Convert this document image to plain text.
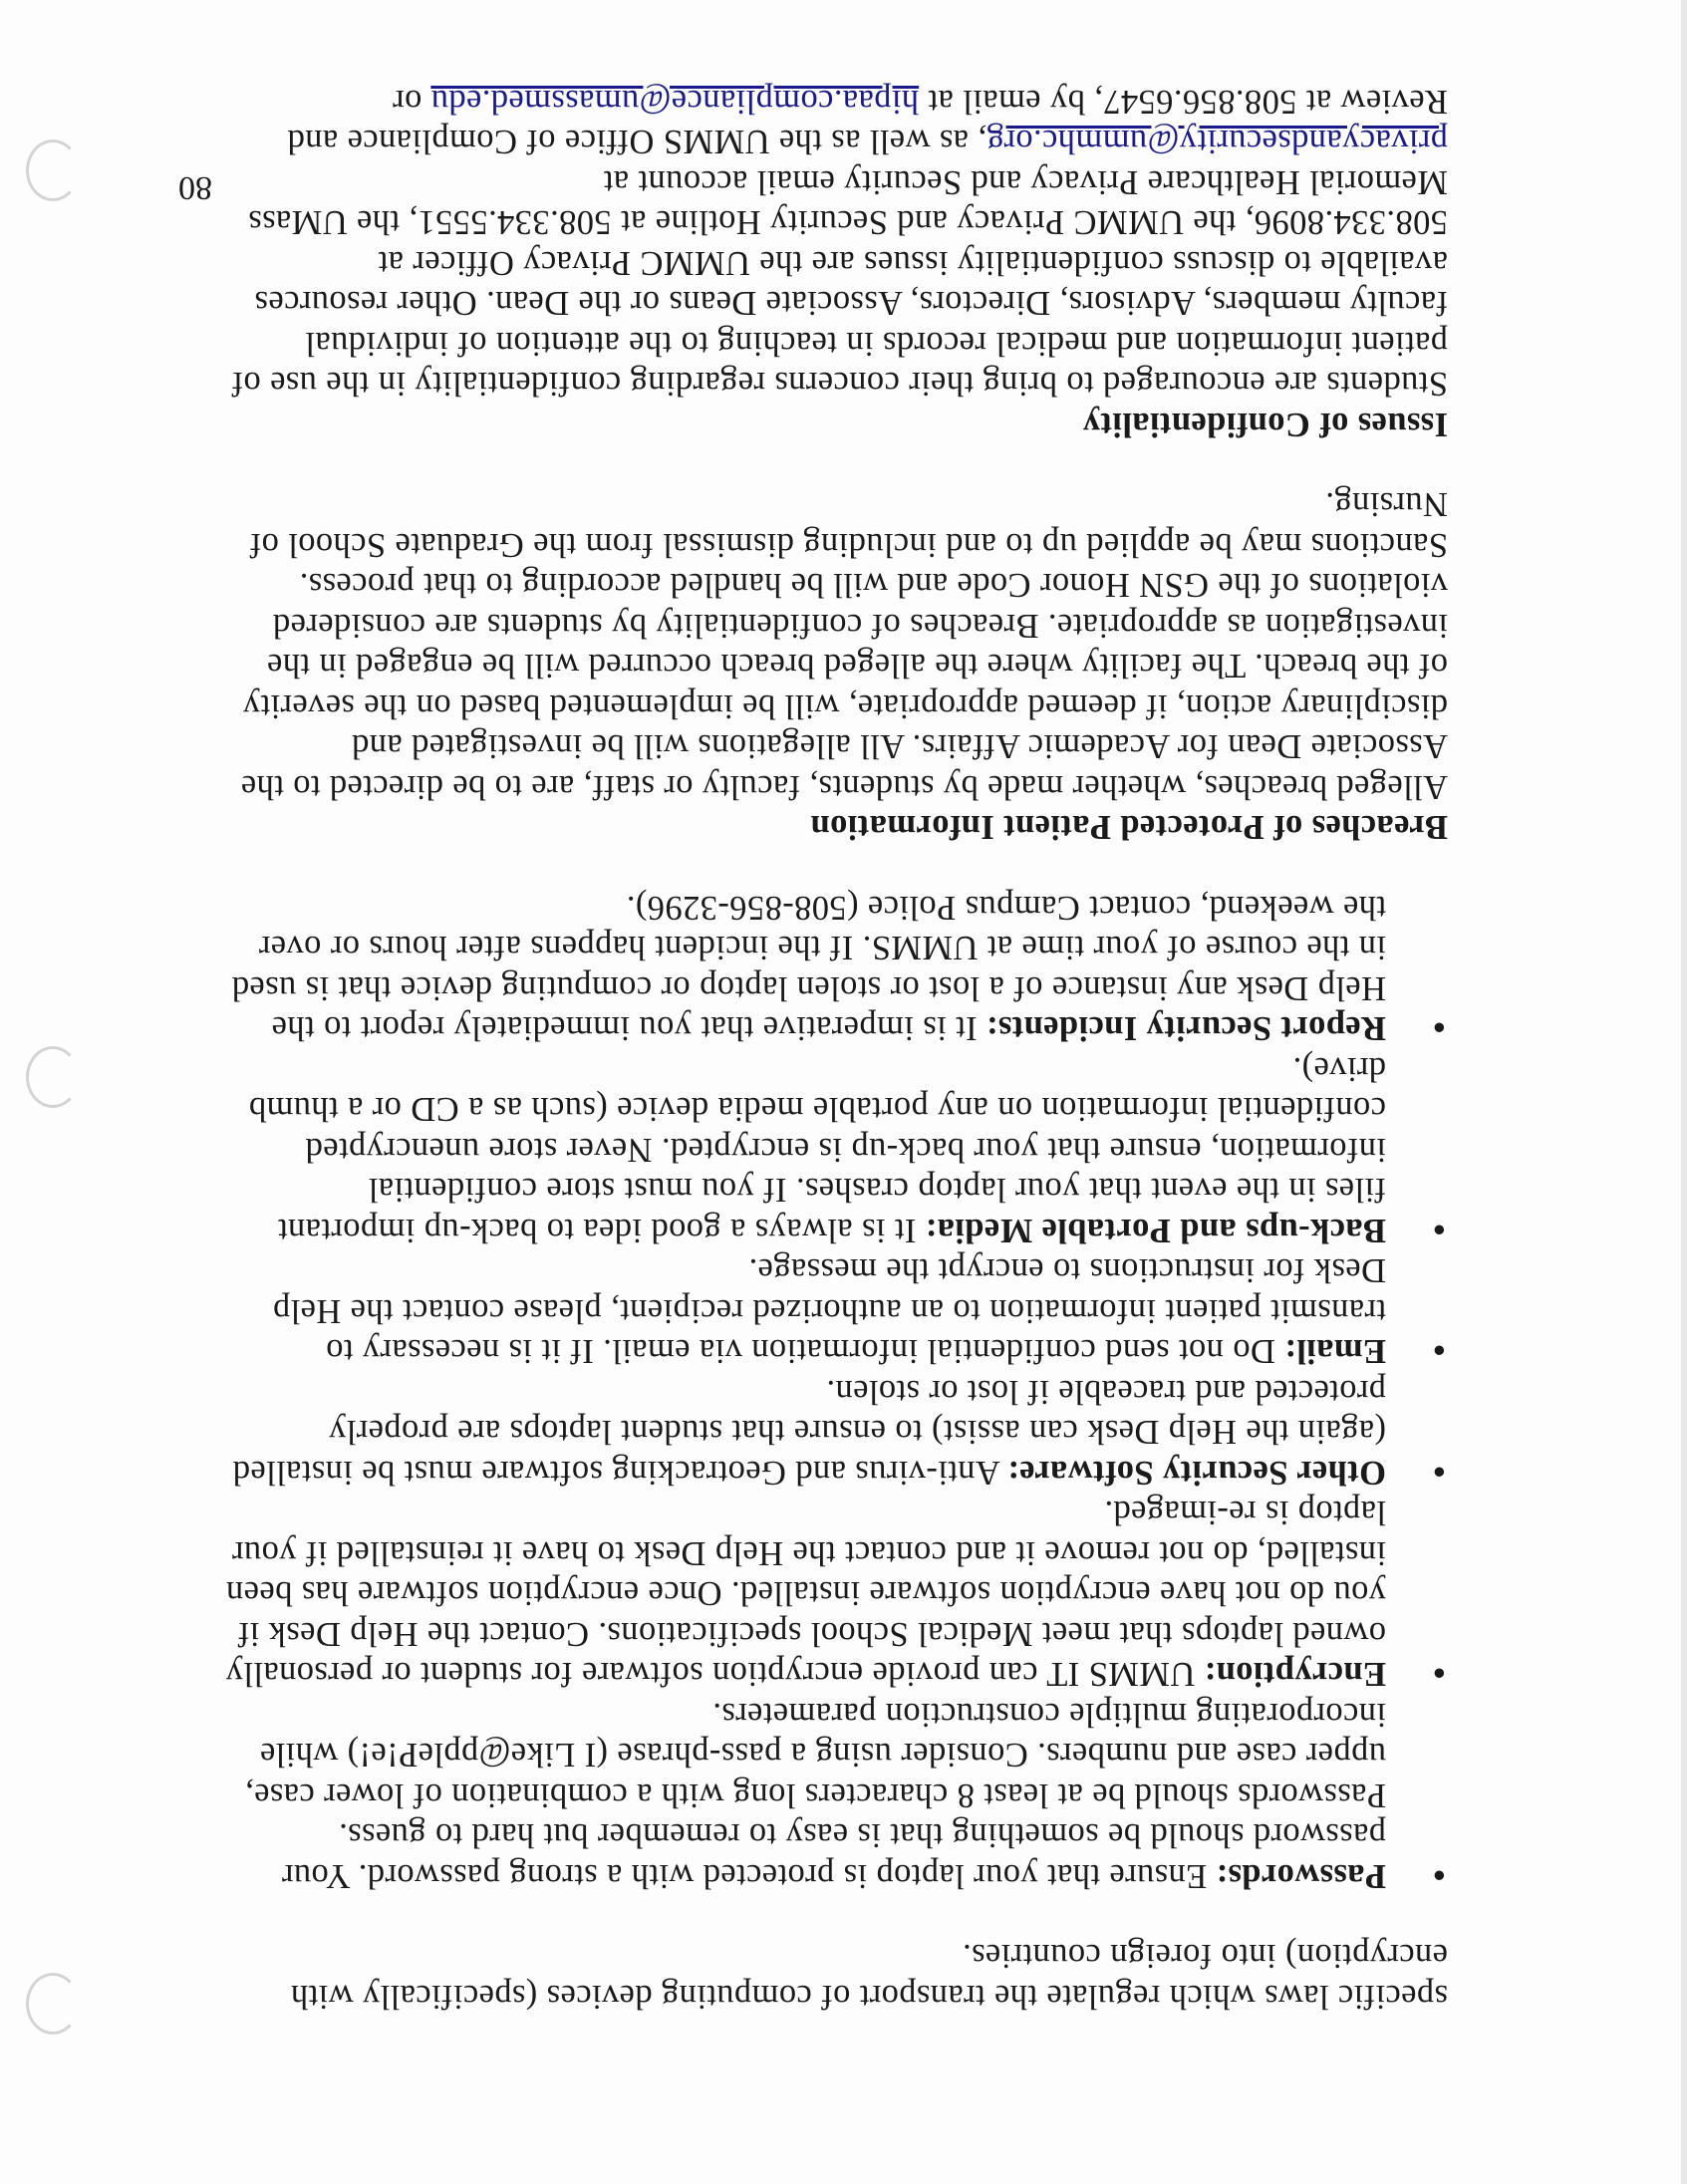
specific laws which regulate the transport of computing devices (specifically with encryption) into foreign countries.

● Passwords: Ensure that your laptop is protected with a strong password. Your password should be something that is easy to remember but hard to guess. Passwords should be at least 8 characters long with a combination of lower case, upper case and numbers. Consider using a pass-phrase (I Like@ppleP!e!) while incorporating multiple construction parameters.
● Encryption: UMMS IT can provide encryption software for student or personally owned laptops that meet Medical School specifications. Contact the Help Desk if you do not have encryption software installed. Once encryption software has been installed, do not remove it and contact the Help Desk to have it reinstalled if your laptop is re-imaged.
● Other Security Software: Anti-virus and Geotracking software must be installed (again the Help Desk can assist) to ensure that student laptops are properly protected and traceable if lost or stolen.
● Email: Do not send confidential information via email. If it is necessary to transmit patient information to an authorized recipient, please contact the Help Desk for instructions to encrypt the message.
● Back-ups and Portable Media: It is always a good idea to back-up important files in the event that your laptop crashes. If you must store confidential information, ensure that your back-up is encrypted. Never store unencrypted confidential information on any portable media device (such as a CD or a thumb drive).
● Report Security Incidents: It is imperative that you immediately report to the Help Desk any instance of a lost or stolen laptop or computing device that is used in the course of your time at UMMS. If the incident happens after hours or over the weekend, contact Campus Police (508-856-3296).
Breaches of Protected Patient Information

Alleged breaches, whether made by students, faculty or staff, are to be directed to the Associate Dean for Academic Affairs. All allegations will be investigated and disciplinary action, if deemed appropriate, will be implemented based on the severity of the breach. The facility where the alleged breach occurred will be engaged in the investigation as appropriate. Breaches of confidentiality by students are considered violations of the GSN Honor Code and will be handled according to that process. Sanctions may be applied up to and including dismissal from the Graduate School of Nursing.

Issues of Confidentiality

Students are encouraged to bring their concerns regarding confidentiality in the use of patient information and medical records in teaching to the attention of individual faculty members, Advisors, Directors, Associate Deans or the Dean. Other resources available to discuss confidentiality issues are the UMMC Privacy Officer at 508.334.8096, the UMMC Privacy and Security Hotline at 508.334.5551, the UMass Memorial Healthcare Privacy and Security email account at privacyandsecurity@ummhc.org, as well as the UMMS Office of Compliance and Review at 508.856.6547, by email at hipaa.compliance@umassmed.edu or

80
